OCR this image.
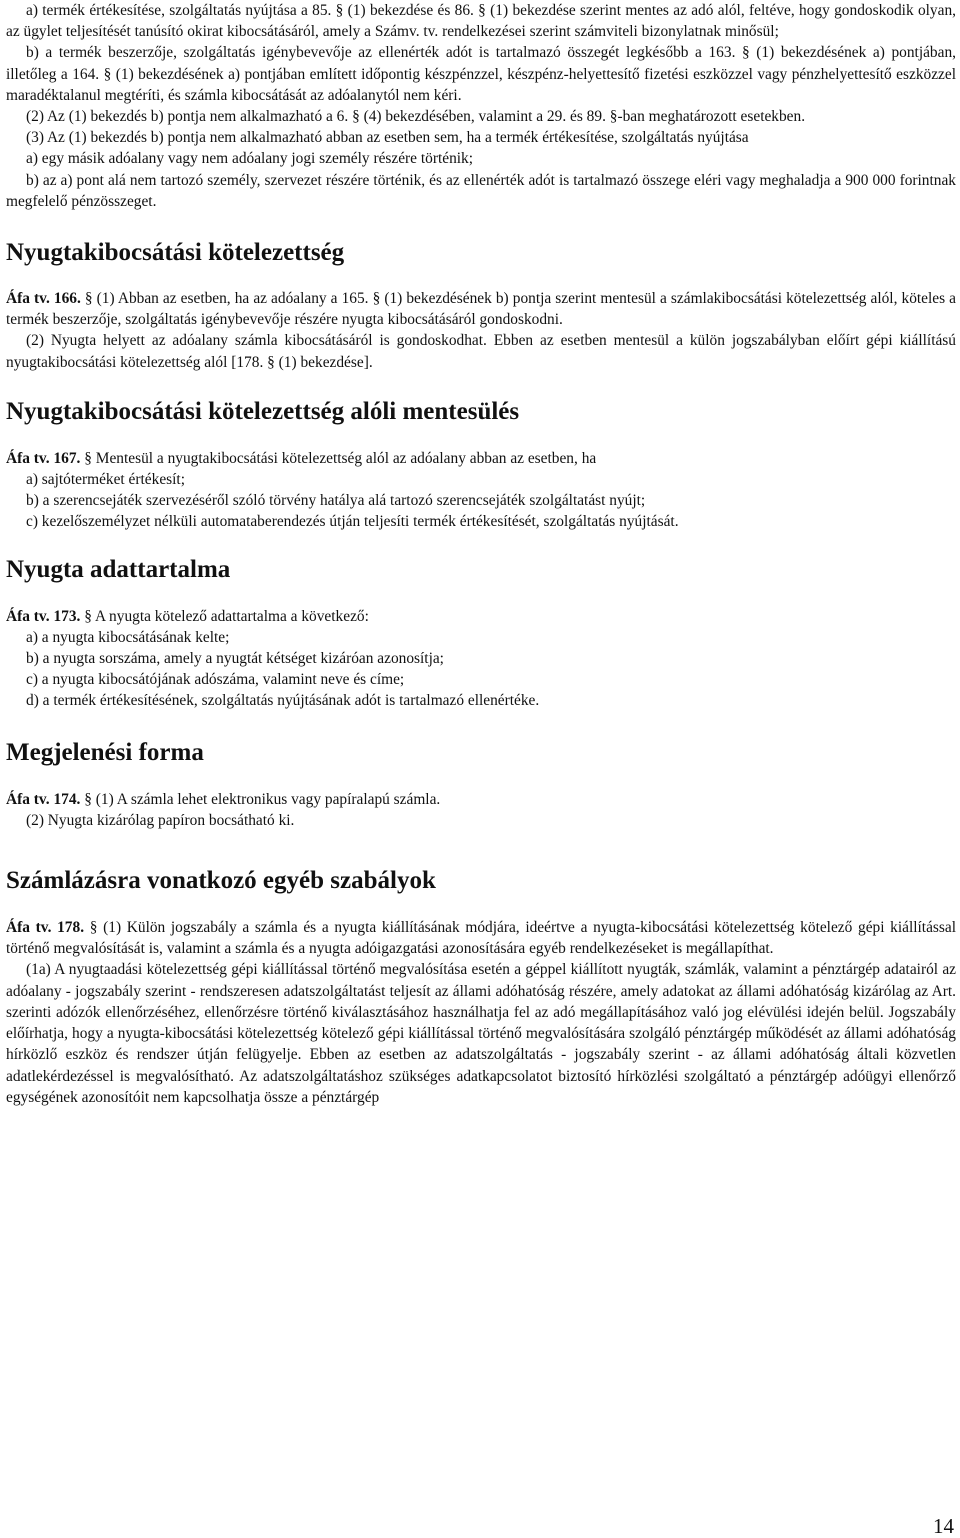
a) termék értékesítése, szolgáltatás nyújtása a 85. § (1) bekezdése és 86. § (1) bekezdése szerint mentes az adó alól, feltéve, hogy gondoskodik olyan, az ügylet teljesítését tanúsító okirat kibocsátásáról, amely a Számv. tv. rendelkezései szerint számviteli bizonylatnak minősül;

b) a termék beszerzője, szolgáltatás igénybevevője az ellenérték adót is tartalmazó összegét legkésőbb a 163. § (1) bekezdésének a) pontjában, illetőleg a 164. § (1) bekezdésének a) pontjában említett időpontig készpénzzel, készpénz-helyettesítő fizetési eszközzel vagy pénzhelyettesítő eszközzel maradéktalanul megtéríti, és számla kibocsátását az adóalanytól nem kéri.

(2) Az (1) bekezdés b) pontja nem alkalmazható a 6. § (4) bekezdésében, valamint a 29. és 89. §-ban meghatározott esetekben.

(3) Az (1) bekezdés b) pontja nem alkalmazható abban az esetben sem, ha a termék értékesítése, szolgáltatás nyújtása

a) egy másik adóalany vagy nem adóalany jogi személy részére történik;

b) az a) pont alá nem tartozó személy, szervezet részére történik, és az ellenérték adót is tartalmazó összege eléri vagy meghaladja a 900 000 forintnak megfelelő pénzösszeget.

Nyugtakibocsátási kötelezettség

Áfa tv. 166. § (1) Abban az esetben, ha az adóalany a 165. § (1) bekezdésének b) pontja szerint mentesül a számlakibocsátási kötelezettség alól, köteles a termék beszerzője, szolgáltatás igénybevevője részére nyugta kibocsátásáról gondoskodni.

(2) Nyugta helyett az adóalany számla kibocsátásáról is gondoskodhat. Ebben az esetben mentesül a külön jogszabályban előírt gépi kiállítású nyugtakibocsátási kötelezettség alól [178. § (1) bekezdése].

Nyugtakibocsátási kötelezettség alóli mentesülés

Áfa tv. 167. § Mentesül a nyugtakibocsátási kötelezettség alól az adóalany abban az esetben, ha

a) sajtóterméket értékesít;

b) a szerencsejáték szervezéséről szóló törvény hatálya alá tartozó szerencsejáték szolgáltatást nyújt;

c) kezelőszemélyzet nélküli automataberendezés útján teljesíti termék értékesítését, szolgáltatás nyújtását.

Nyugta adattartalma

Áfa tv. 173. § A nyugta kötelező adattartalma a következő:

a) a nyugta kibocsátásának kelte;

b) a nyugta sorszáma, amely a nyugtát kétséget kizáróan azonosítja;

c) a nyugta kibocsátójának adószáma, valamint neve és címe;

d) a termék értékesítésének, szolgáltatás nyújtásának adót is tartalmazó ellenértéke.

Megjelenési forma

Áfa tv. 174. § (1) A számla lehet elektronikus vagy papíralapú számla.

(2) Nyugta kizárólag papíron bocsátható ki.

Számlázásra vonatkozó egyéb szabályok

Áfa tv. 178. § (1) Külön jogszabály a számla és a nyugta kiállításának módjára, ideértve a nyugta-kibocsátási kötelezettség kötelező gépi kiállítással történő megvalósítását is, valamint a számla és a nyugta adóigazgatási azonosítására egyéb rendelkezéseket is megállapíthat.

(1a) A nyugtaadási kötelezettség gépi kiállítással történő megvalósítása esetén a géppel kiállított nyugták, számlák, valamint a pénztárgép adatairól az adóalany - jogszabály szerint - rendszeresen adatszolgáltatást teljesít az állami adóhatóság részére, amely adatokat az állami adóhatóság kizárólag az Art. szerinti adózók ellenőrzéséhez, ellenőrzésre történő kiválasztásához használhatja fel az adó megállapításához való jog elévülési idején belül. Jogszabály előírhatja, hogy a nyugta-kibocsátási kötelezettség kötelező gépi kiállítással történő megvalósítására szolgáló pénztárgép működését az állami adóhatóság hírközlő eszköz és rendszer útján felügyelje. Ebben az esetben az adatszolgáltatás - jogszabály szerint - az állami adóhatóság általi közvetlen adatlekérdezéssel is megvalósítható. Az adatszolgáltatáshoz szükséges adatkapcsolatot biztosító hírközlési szolgáltató a pénztárgép adóügyi ellenőrző egységének azonosítóit nem kapcsolhatja össze a pénztárgép

14
